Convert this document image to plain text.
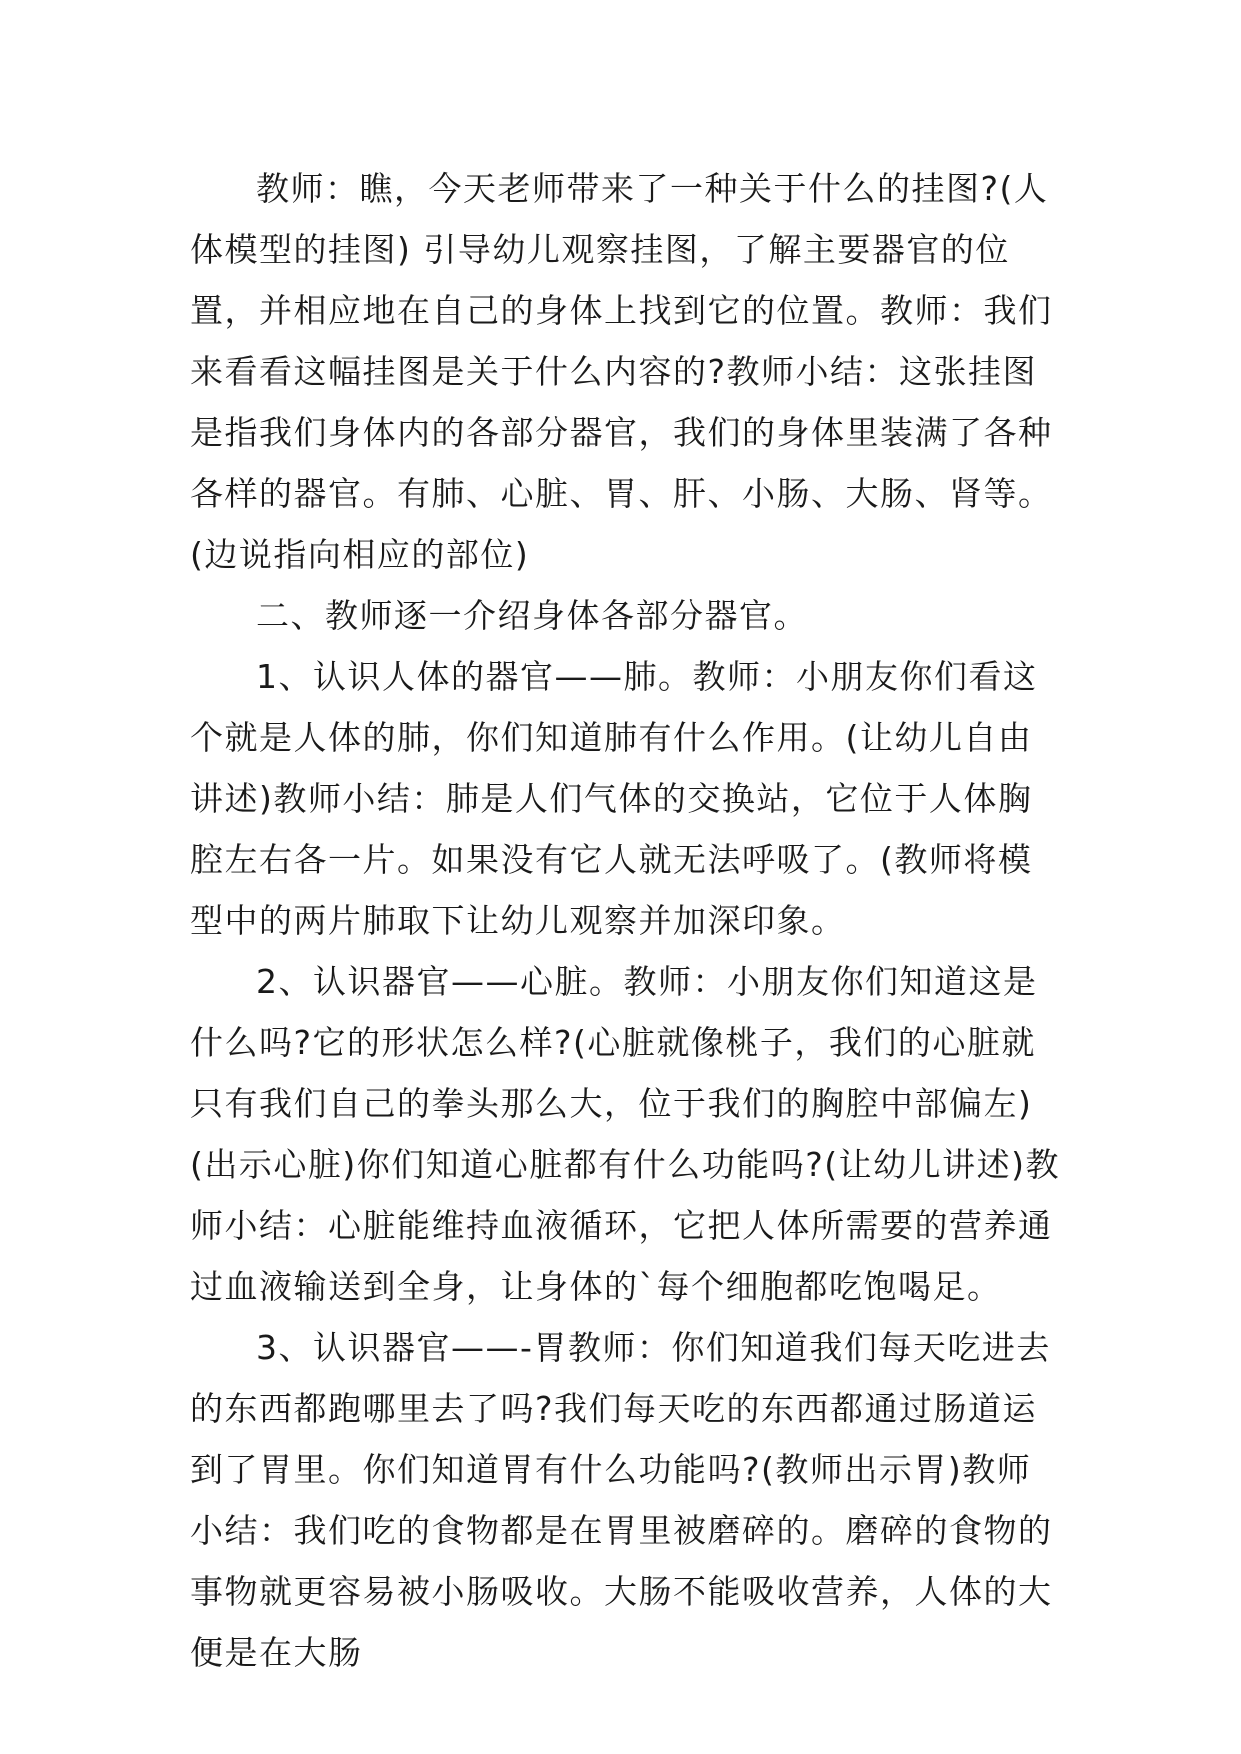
教师：瞧，今天老师带来了一种关于什么的挂图?(人体模型的挂图) 引导幼儿观察挂图，了解主要器官的位置，并相应地在自己的身体上找到它的位置。教师：我们来看看这幅挂图是关于什么内容的?教师小结：这张挂图是指我们身体内的各部分器官，我们的身体里装满了各种各样的器官。有肺、心脏、胃、肝、小肠、大肠、肾等。(边说指向相应的部位)

二、教师逐一介绍身体各部分器官。

1、认识人体的器官——肺。教师：小朋友你们看这个就是人体的肺，你们知道肺有什么作用。(让幼儿自由讲述)教师小结：肺是人们气体的交换站，它位于人体胸腔左右各一片。如果没有它人就无法呼吸了。(教师将模型中的两片肺取下让幼儿观察并加深印象。

2、认识器官——心脏。教师：小朋友你们知道这是什么吗?它的形状怎么样?(心脏就像桃子，我们的心脏就只有我们自己的拳头那么大，位于我们的胸腔中部偏左)(出示心脏)你们知道心脏都有什么功能吗?(让幼儿讲述)教师小结：心脏能维持血液循环，它把人体所需要的营养通过血液输送到全身，让身体的`每个细胞都吃饱喝足。

3、认识器官——-胃教师：你们知道我们每天吃进去的东西都跑哪里去了吗?我们每天吃的东西都通过肠道运到了胃里。你们知道胃有什么功能吗?(教师出示胃)教师小结：我们吃的食物都是在胃里被磨碎的。磨碎的食物的事物就更容易被小肠吸收。大肠不能吸收营养，人体的大便是在大肠
